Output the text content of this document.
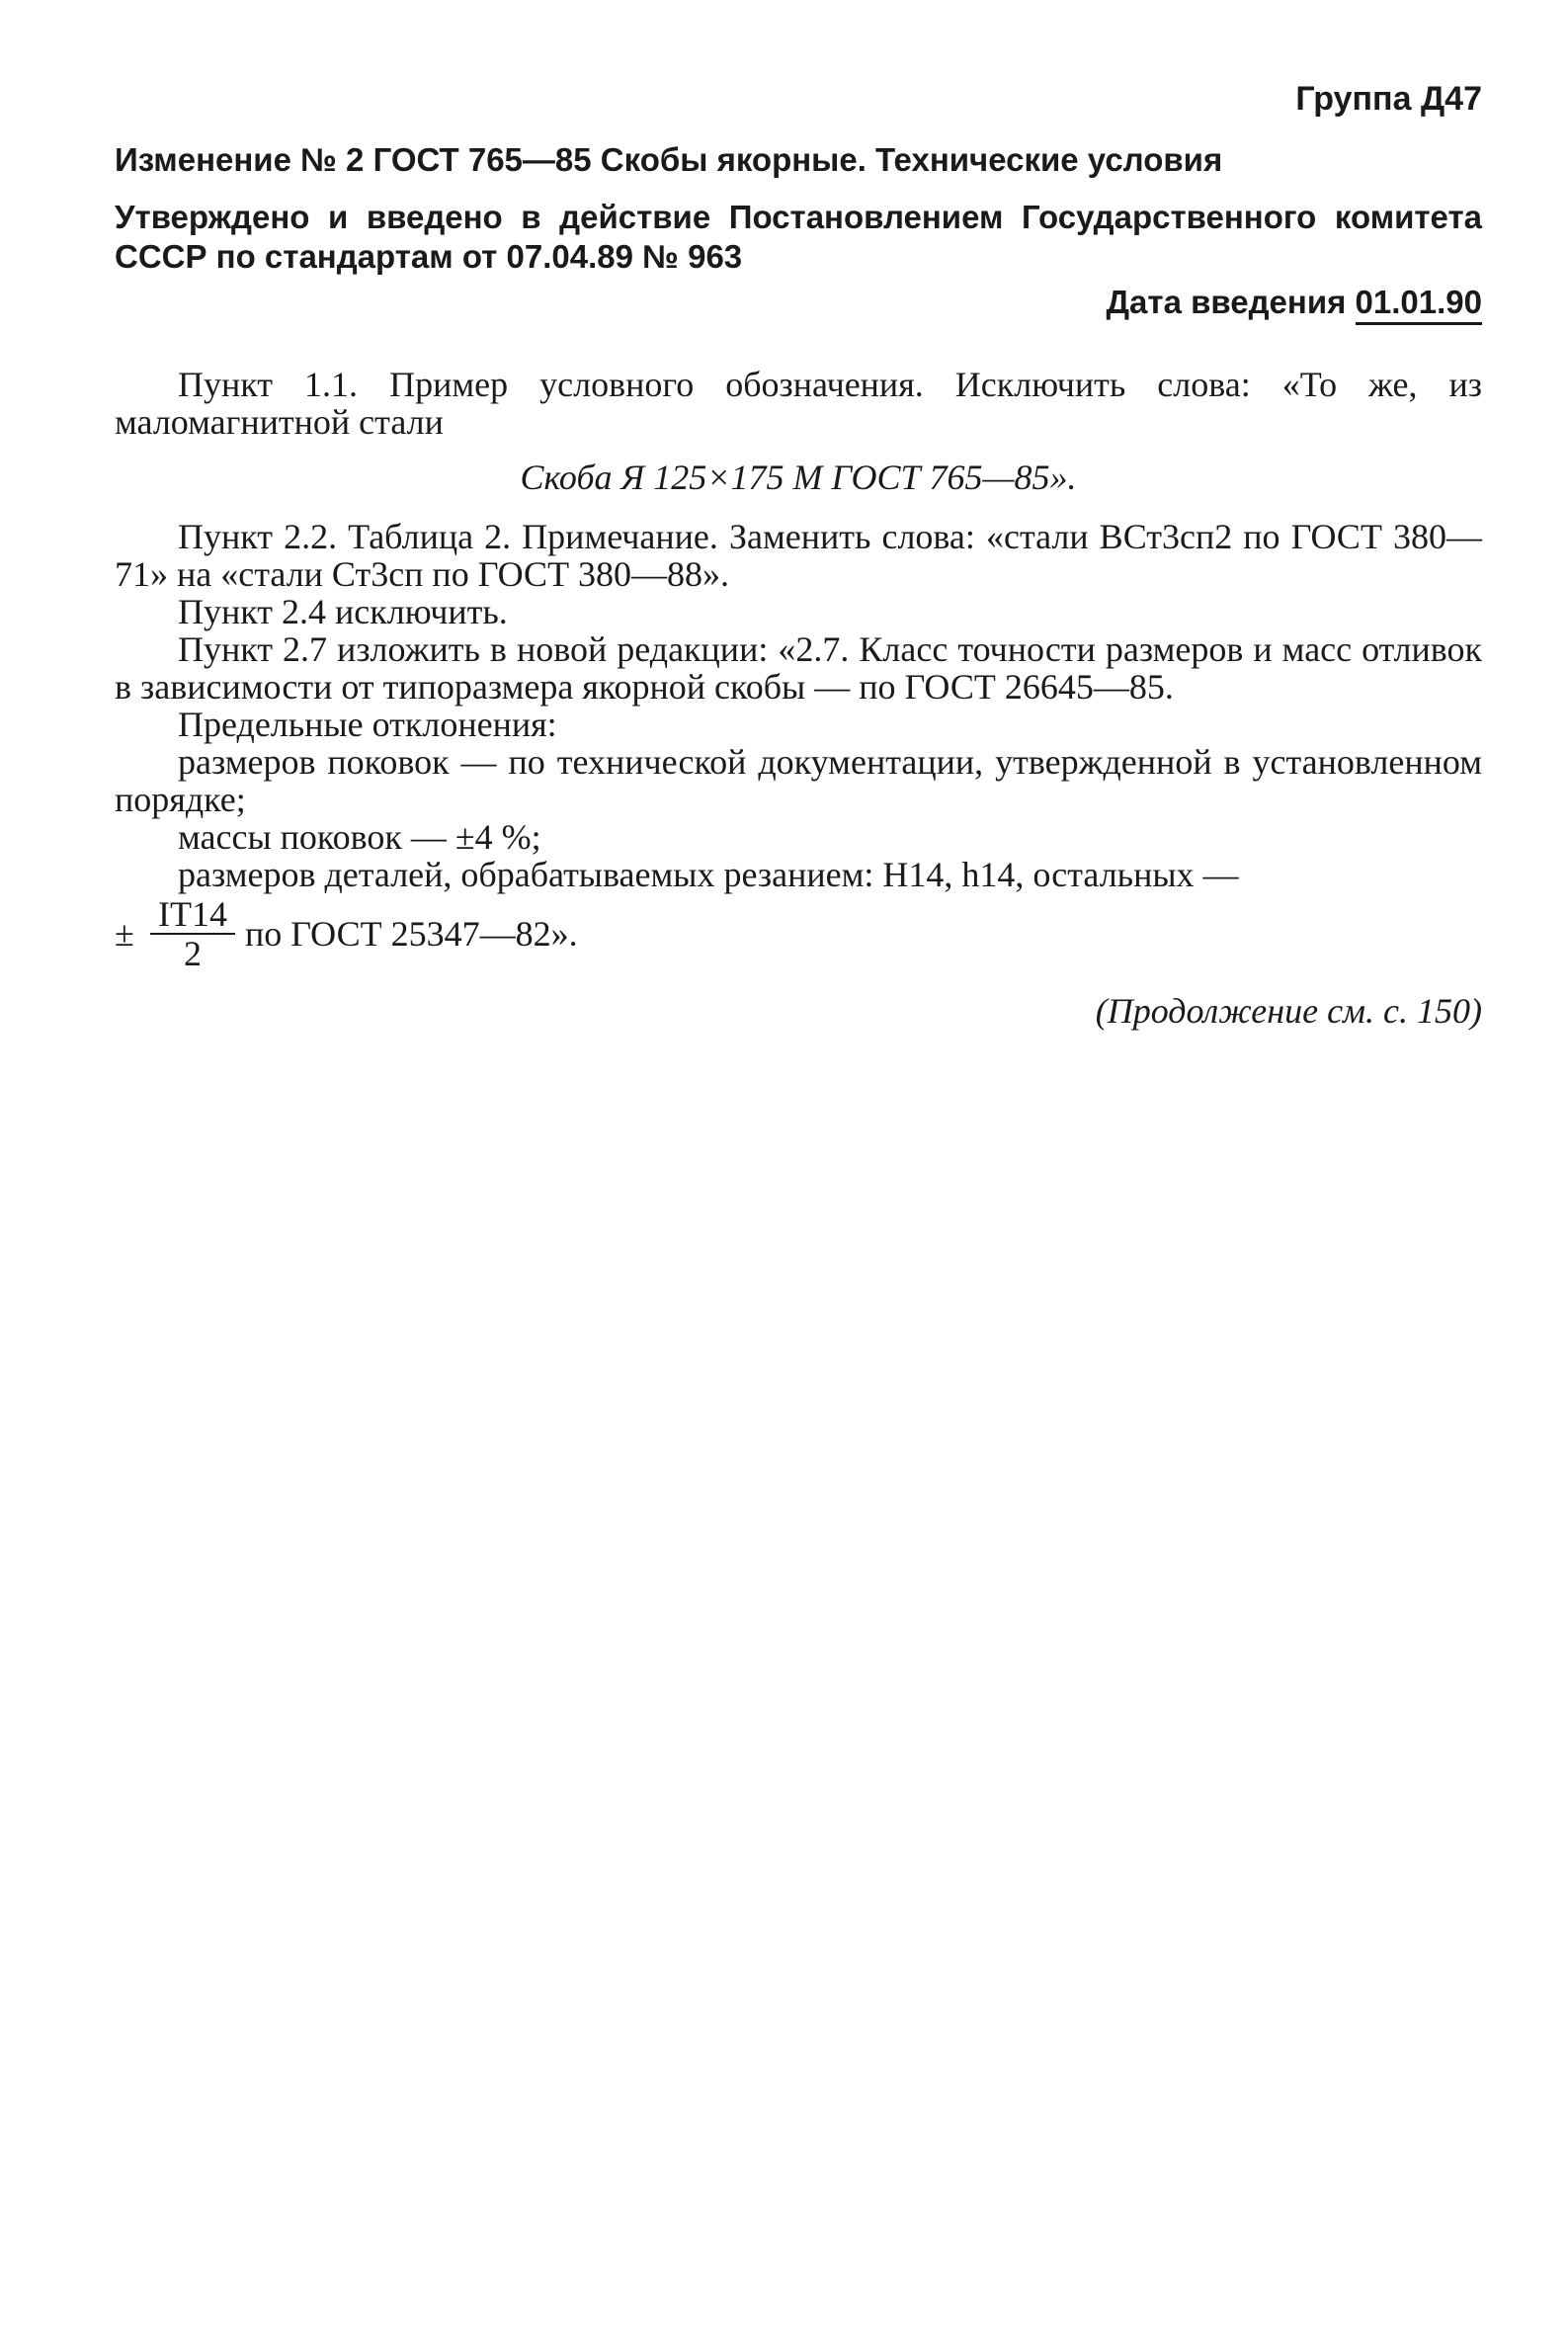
Группа Д47
Изменение № 2 ГОСТ 765—85 Скобы якорные. Технические условия
Утверждено и введено в действие Постановлением Государственного комитета СССР по стандартам от 07.04.89 № 963
Дата введения 01.01.90

Пункт 1.1. Пример условного обозначения. Исключить слова: «То же, из маломагнитной стали

Скоба Я 125×175 М ГОСТ 765—85».

Пункт 2.2. Таблица 2. Примечание. Заменить слова: «стали ВСт3сп2 по ГОСТ 380—71» на «стали Ст3сп по ГОСТ 380—88».

Пункт 2.4 исключить.

Пункт 2.7 изложить в новой редакции: «2.7. Класс точности размеров и масс отливок в зависимости от типоразмера якорной скобы — по ГОСТ 26645—85.

Предельные отклонения:

размеров поковок — по технической документации, утвержденной в установленном порядке;

массы поковок — ±4 %;

размеров деталей, обрабатываемых резанием: H14, h14, остальных —

± $\frac{IT14}{2}$ по ГОСТ 25347—82».

(Продолжение см. с. 150)
